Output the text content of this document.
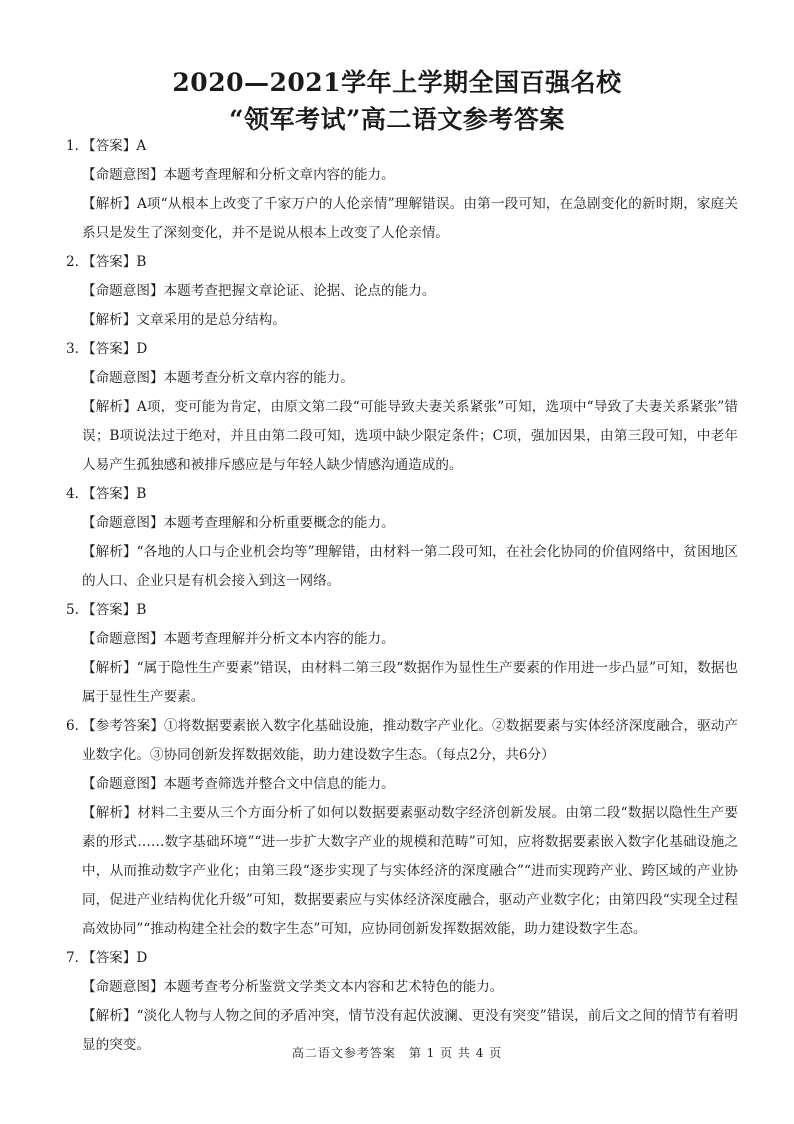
2020—2021学年上学期全国百强名校
“领军考试”高二语文参考答案
1. 【答案】A
【命题意图】本题考查理解和分析文章内容的能力。
【解析】A项“从根本上改变了千家万户的人伦亲情”理解错误。由第一段可知，在急剧变化的新时期，家庭关系只是发生了深刻变化，并不是说从根本上改变了人伦亲情。
2. 【答案】B
【命题意图】本题考查把握文章论证、论据、论点的能力。
【解析】文章采用的是总分结构。
3. 【答案】D
【命题意图】本题考查分析文章内容的能力。
【解析】A项，变可能为肯定，由原文第二段“可能导致夫妻关系紧张”可知，选项中“导致了夫妻关系紧张”错误；B项说法过于绝对，并且由第二段可知，选项中缺少限定条件；C项，强加因果，由第三段可知，中老年人易产生孤独感和被排斥感应是与年轻人缺少情感沟通造成的。
4. 【答案】B
【命题意图】本题考查理解和分析重要概念的能力。
【解析】“各地的人口与企业机会均等”理解错，由材料一第二段可知，在社会化协同的价值网络中，贫困地区的人口、企业只是有机会接入到这一网络。
5. 【答案】B
【命题意图】本题考查理解并分析文本内容的能力。
【解析】“属于隐性生产要素”错误，由材料二第三段“数据作为显性生产要素的作用进一步凸显”可知，数据也属于显性生产要素。
6. 【参考答案】①将数据要素嵌入数字化基础设施，推动数字产业化。②数据要素与实体经济深度融合，驱动产业数字化。③协同创新发挥数据效能，助力建设数字生态。（每点2分，共6分）
【命题意图】本题考查筛选并整合文中信息的能力。
【解析】材料二主要从三个方面分析了如何以数据要素驱动数字经济创新发展。由第二段“数据以隐性生产要素的形式……数字基础环境”“进一步扩大数字产业的规模和范畴”可知，应将数据要素嵌入数字化基础设施之中，从而推动数字产业化；由第三段“逐步实现了与实体经济的深度融合”“进而实现跨产业、跨区域的产业协同，促进产业结构优化升级”可知，数据要素应与实体经济深度融合，驱动产业数字化；由第四段“实现全过程高效协同”“推动构建全社会的数字生态”可知，应协同创新发挥数据效能，助力建设数字生态。
7. 【答案】D
【命题意图】本题考查考分析鉴赏文学类文本内容和艺术特色的能力。
【解析】“淡化人物与人物之间的矛盾冲突，情节没有起伏波澜、更没有突变”错误，前后文之间的情节有着明显的突变。	高二语文参考答案　第 1 页 共 4 页
